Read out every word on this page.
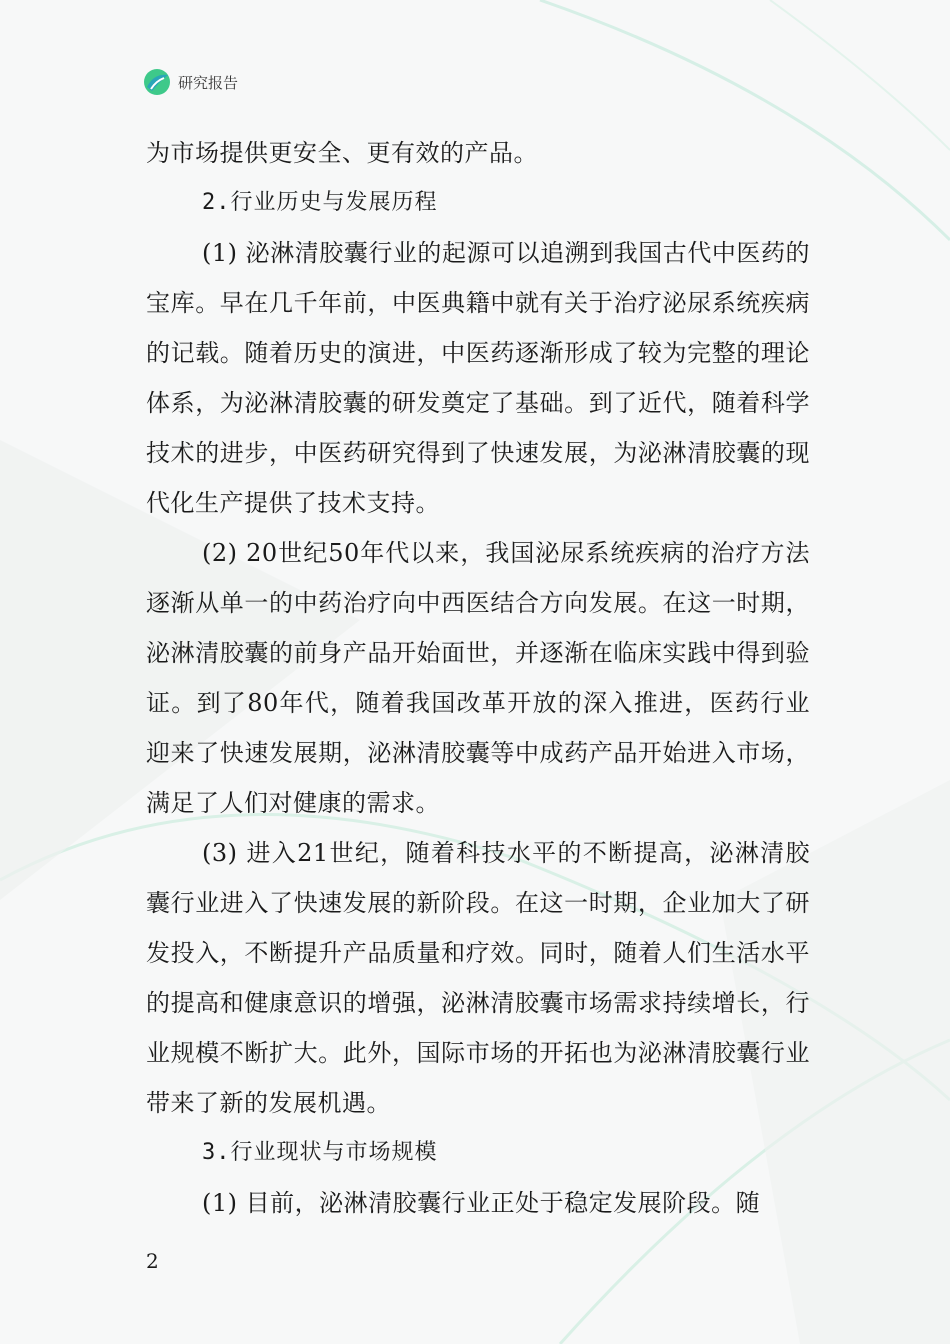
研究报告

为市场提供更安全、更有效的产品。

2.行业历史与发展历程

(1) 泌淋清胶囊行业的起源可以追溯到我国古代中医药的宝库。早在几千年前，中医典籍中就有关于治疗泌尿系统疾病的记载。随着历史的演进，中医药逐渐形成了较为完整的理论体系，为泌淋清胶囊的研发奠定了基础。到了近代，随着科学技术的进步，中医药研究得到了快速发展，为泌淋清胶囊的现代化生产提供了技术支持。

(2) 20世纪50年代以来，我国泌尿系统疾病的治疗方法逐渐从单一的中药治疗向中西医结合方向发展。在这一时期，泌淋清胶囊的前身产品开始面世，并逐渐在临床实践中得到验证。到了80年代，随着我国改革开放的深入推进，医药行业迎来了快速发展期，泌淋清胶囊等中成药产品开始进入市场，满足了人们对健康的需求。

(3) 进入21世纪，随着科技水平的不断提高，泌淋清胶囊行业进入了快速发展的新阶段。在这一时期，企业加大了研发投入，不断提升产品质量和疗效。同时，随着人们生活水平的提高和健康意识的增强，泌淋清胶囊市场需求持续增长，行业规模不断扩大。此外，国际市场的开拓也为泌淋清胶囊行业带来了新的发展机遇。

3.行业现状与市场规模

(1) 目前，泌淋清胶囊行业正处于稳定发展阶段。随

2
